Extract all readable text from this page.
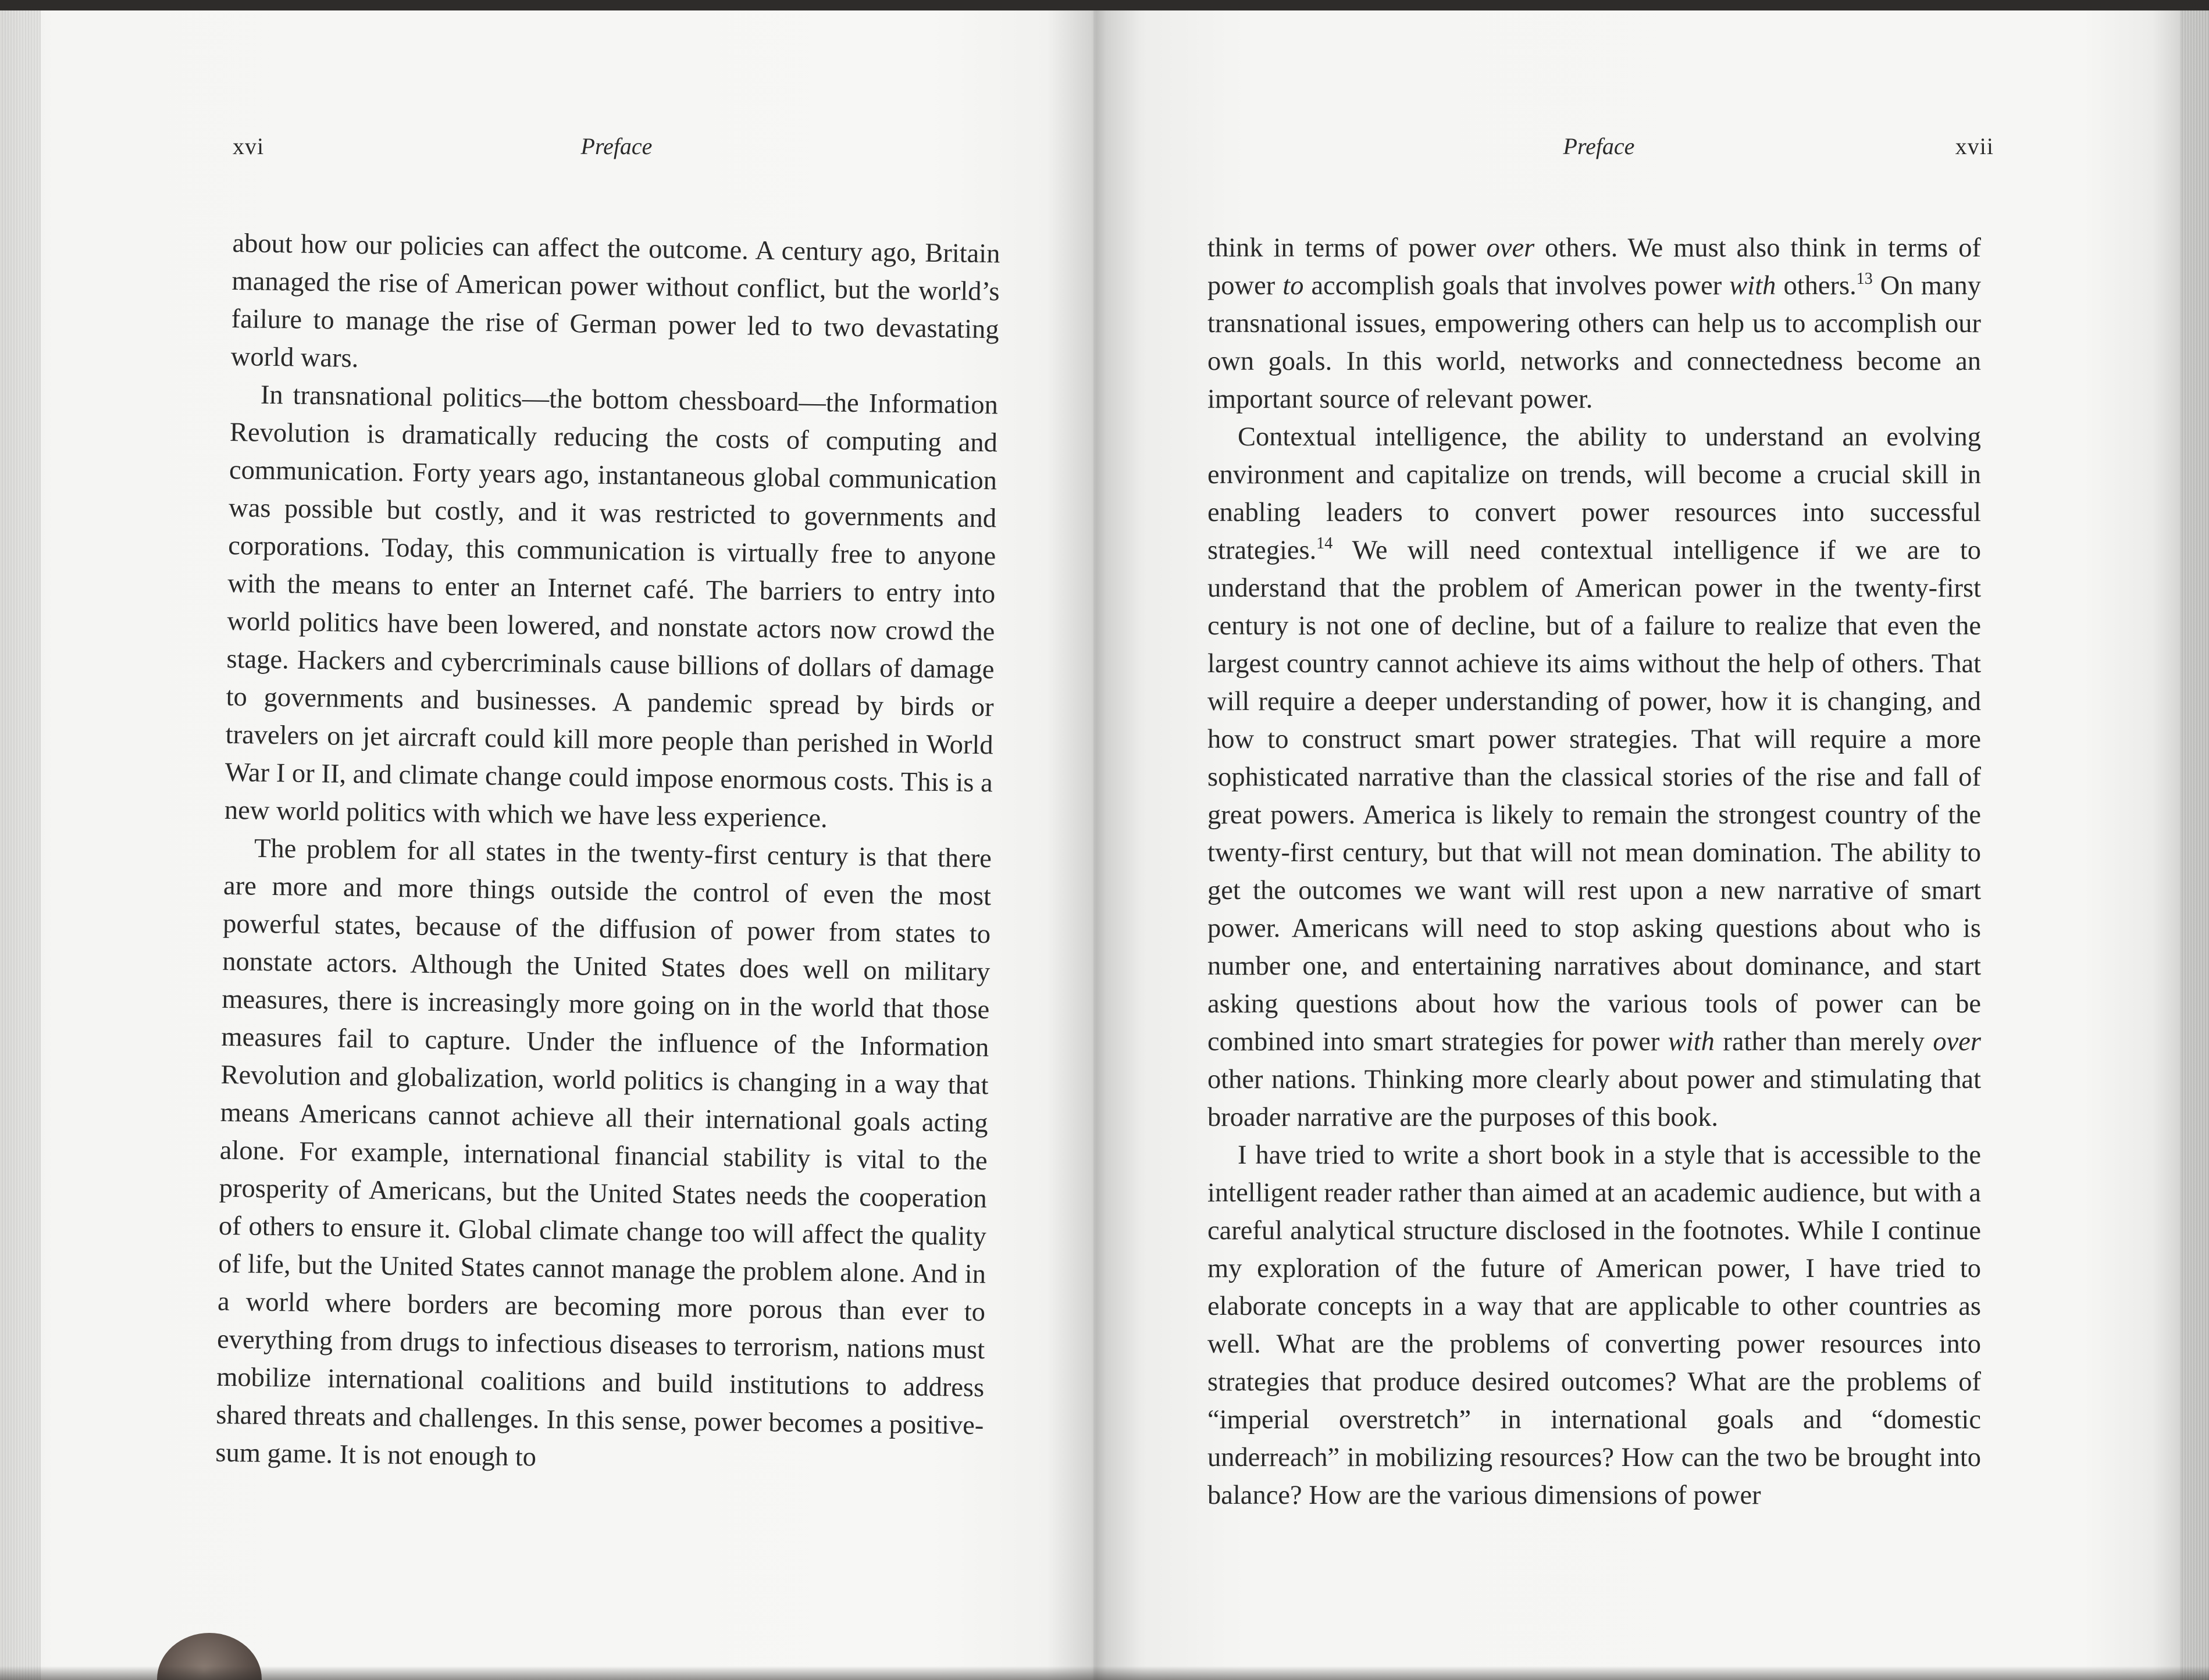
xvi	Preface

about how our policies can affect the outcome. A century ago, Britain managed the rise of American power without conflict, but the world’s failure to manage the rise of German power led to two devastating world wars.

In transnational politics—the bottom chessboard—the Information Revolution is dramatically reducing the costs of computing and communication. Forty years ago, instantaneous global communication was possible but costly, and it was restricted to governments and corporations. Today, this communication is virtually free to anyone with the means to enter an Internet café. The barriers to entry into world politics have been lowered, and nonstate actors now crowd the stage. Hackers and cybercriminals cause billions of dollars of damage to governments and businesses. A pandemic spread by birds or travelers on jet aircraft could kill more people than perished in World War I or II, and climate change could impose enormous costs. This is a new world politics with which we have less experience.

The problem for all states in the twenty-first century is that there are more and more things outside the control of even the most powerful states, because of the diffusion of power from states to nonstate actors. Although the United States does well on military measures, there is increasingly more going on in the world that those measures fail to capture. Under the influence of the Information Revolution and globalization, world politics is changing in a way that means Americans cannot achieve all their international goals acting alone. For example, international financial stability is vital to the prosperity of Americans, but the United States needs the cooperation of others to ensure it. Global climate change too will affect the quality of life, but the United States cannot manage the problem alone. And in a world where borders are becoming more porous than ever to everything from drugs to infectious diseases to terrorism, nations must mobilize international coalitions and build institutions to address shared threats and challenges. In this sense, power becomes a positive-sum game. It is not enough to

Preface	xvii

think in terms of power over others. We must also think in terms of power to accomplish goals that involves power with others.$^{13}$ On many transnational issues, empowering others can help us to accomplish our own goals. In this world, networks and connectedness become an important source of relevant power.

Contextual intelligence, the ability to understand an evolving environment and capitalize on trends, will become a crucial skill in enabling leaders to convert power resources into successful strategies.$^{14}$ We will need contextual intelligence if we are to understand that the problem of American power in the twenty-first century is not one of decline, but of a failure to realize that even the largest country cannot achieve its aims without the help of others. That will require a deeper understanding of power, how it is changing, and how to construct smart power strategies. That will require a more sophisticated narrative than the classical stories of the rise and fall of great powers. America is likely to remain the strongest country of the twenty-first century, but that will not mean domination. The ability to get the outcomes we want will rest upon a new narrative of smart power. Americans will need to stop asking questions about who is number one, and entertaining narratives about dominance, and start asking questions about how the various tools of power can be combined into smart strategies for power with rather than merely over other nations. Thinking more clearly about power and stimulating that broader narrative are the purposes of this book.

I have tried to write a short book in a style that is accessible to the intelligent reader rather than aimed at an academic audience, but with a careful analytical structure disclosed in the footnotes. While I continue my exploration of the future of American power, I have tried to elaborate concepts in a way that are applicable to other countries as well. What are the problems of converting power resources into strategies that produce desired outcomes? What are the problems of “imperial overstretch” in international goals and “domestic underreach” in mobilizing resources? How can the two be brought into balance? How are the various dimensions of power
